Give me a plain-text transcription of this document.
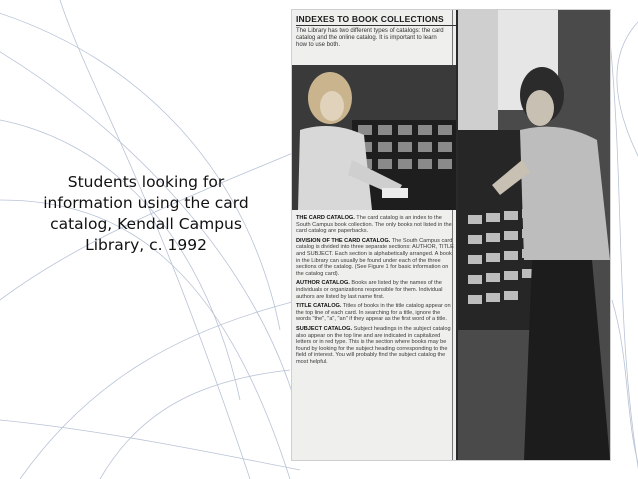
Students looking for
information using the card
catalog, Kendall Campus
Library, c. 1992
INDEXES TO BOOK COLLECTIONS
The Library has two different types of catalogs: the card catalog and the online catalog. It is important to learn how to use both.
THE CARD CATALOG. The card catalog is an index to the South Campus book collection. The only books not listed in the card catalog are paperbacks.
DIVISION OF THE CARD CATALOG. The South Campus card catalog is divided into three separate sections: AUTHOR, TITLE and SUBJECT. Each section is alphabetically arranged. A book in the Library can usually be found under each of the three sections of the catalog. (See Figure 1 for basic information on the catalog card).
AUTHOR CATALOG. Books are listed by the names of the individuals or organizations responsible for them. Individual authors are listed by last name first.
TITLE CATALOG. Titles of books in the title catalog appear on the top line of each card. In searching for a title, ignore the words "the", "a", "an" if they appear as the first word of a title.
SUBJECT CATALOG. Subject headings in the subject catalog also appear on the top line and are indicated in capitalized letters or in red type. This is the section where books may be found by looking for the subject heading corresponding to the field of interest. You will probably find the subject catalog the most helpful.
